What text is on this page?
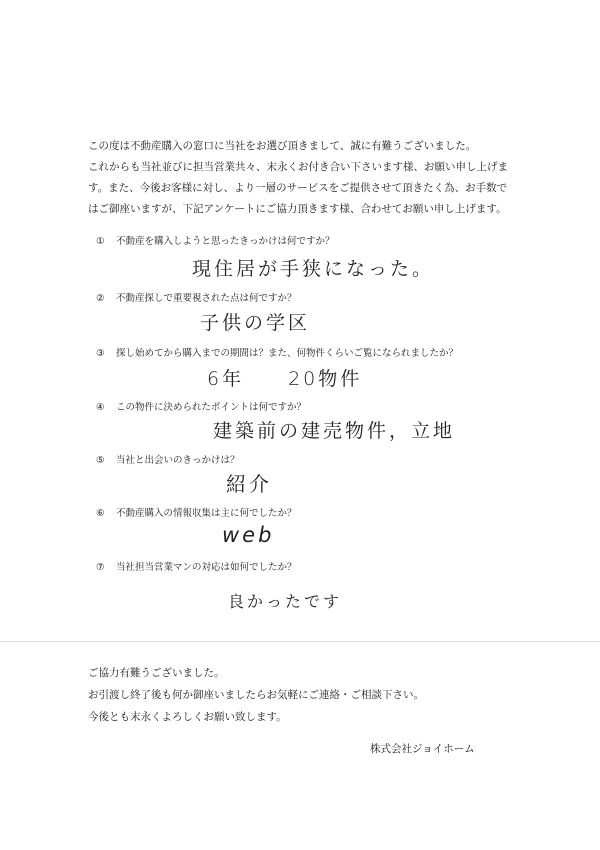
この度は不動産購入の窓口に当社をお選び頂きまして、誠に有難うございました。

これからも当社並びに担当営業共々、末永くお付き合い下さいます様、お願い申し上げま

す。また、今後お客様に対し、より一層のサービスをご提供させて頂きたく為、お手数で

はご御座いますが、下記アンケートにご協力頂きます様、合わせてお願い申し上げます。

① 不動産を購入しようと思ったきっかけは何ですか？
現住居が手狭になった。
② 不動産探しで重要視された点は何ですか？
子供の学区
③ 探し始めてから購入までの期間は？また、何物件くらいご覧になられましたか？
6年　　20物件
④ この物件に決められたポイントは何ですか？
建築前の建売物件，立地
⑤ 当社と出会いのきっかけは？
紹介
⑥ 不動産購入の情報収集は主に何でしたか？
web
⑦ 当社担当営業マンの対応は如何でしたか？
良かったです

ご協力有難うございました。

お引渡し終了後も何か御座いましたらお気軽にご連絡・ご相談下さい。

今後とも末永くよろしくお願い致します。

株式会社ジョイホーム
